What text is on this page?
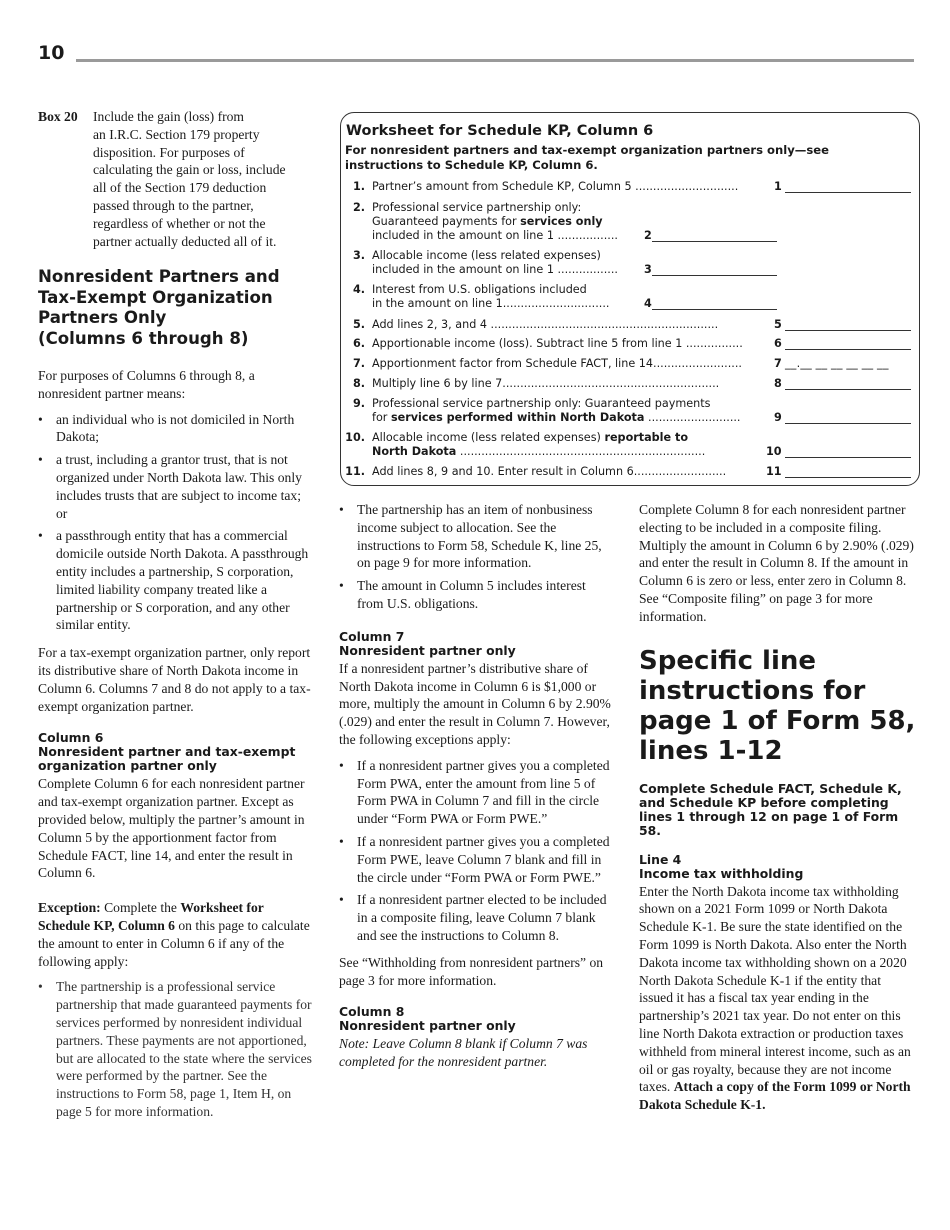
10
Box 20 Include the gain (loss) from
an I.R.C. Section 179 property
disposition. For purposes of
calculating the gain or loss, include
all of the Section 179 deduction
passed through to the partner,
regardless of whether or not the
partner actually deducted all of it.
Nonresident Partners and
Tax-Exempt Organization
Partners Only
(Columns 6 through 8)

For purposes of Columns 6 through 8, a nonresident partner means:

• an individual who is not domiciled in North Dakota;
• a trust, including a grantor trust, that is not organized under North Dakota law. This only includes trusts that are subject to income tax; or
• a passthrough entity that has a commercial domicile outside North Dakota. A passthrough entity includes a partnership, S corporation, limited liability company treated like a partnership or S corporation, and any other similar entity.

For a tax-exempt organization partner, only report its distributive share of North Dakota income in Column 6. Columns 7 and 8 do not apply to a tax-exempt organization partner.

Column 6
Nonresident partner and tax-exempt organization partner only

Complete Column 6 for each nonresident partner and tax-exempt organization partner. Except as provided below, multiply the partner’s amount in Column 5 by the apportionment factor from Schedule FACT, line 14, and enter the result in Column 6.

Exception: Complete the Worksheet for Schedule KP, Column 6 on this page to calculate the amount to enter in Column 6 if any of the following apply:

• The partnership is a professional service partnership that made guaranteed payments for services performed by nonresident individual partners. These payments are not apportioned, but are allocated to the state where the services were performed by the partner. See the instructions to Form 58, page 1, Item H, on page 5 for more information.
Worksheet for Schedule KP, Column 6
For nonresident partners and tax-exempt organization partners only—see instructions to Schedule KP, Column 6.
1. Partner’s amount from Schedule KP, Column 5 .............................	1
2. Professional service partnership only:
Guaranteed payments for services only
included in the amount on line 1 ................. 2
3. Allocable income (less related expenses)
included in the amount on line 1 ................. 3
4. Interest from U.S. obligations included
in the amount on line 1..............................	4
5. Add lines 2, 3, and 4 ................................................................	5
6. Apportionable income (loss). Subtract line 5 from line 1 ................	6
7. Apportionment factor from Schedule FACT, line 14.........................	7 __.__ __ __ __ __ __
8. Multiply line 6 by line 7.............................................................	8
9. Professional service partnership only: Guaranteed payments
for services performed within North Dakota ..........................	9
10. Allocable income (less related expenses) reportable to
North Dakota .....................................................................	10
11. Add lines 8, 9 and 10. Enter result in Column 6..........................	11
• The partnership has an item of nonbusiness income subject to allocation. See the instructions to Form 58, Schedule K, line 25, on page 9 for more information.
• The amount in Column 5 includes interest from U.S. obligations.
Column 7
Nonresident partner only

If a nonresident partner’s distributive share of North Dakota income in Column 6 is $1,000 or more, multiply the amount in Column 6 by 2.90% (.029) and enter the result in Column 7. However, the following exceptions apply:

• If a nonresident partner gives you a completed Form PWA, enter the amount from line 5 of Form PWA in Column 7 and fill in the circle under “Form PWA or Form PWE.”
• If a nonresident partner gives you a completed Form PWE, leave Column 7 blank and fill in the circle under “Form PWA or Form PWE.”
• If a nonresident partner elected to be included in a composite filing, leave Column 7 blank and see the instructions to Column 8.

See “Withholding from nonresident partners” on page 3 for more information.

Column 8
Nonresident partner only

Note: Leave Column 8 blank if Column 7 was completed for the nonresident partner.

Complete Column 8 for each nonresident partner electing to be included in a composite filing. Multiply the amount in Column 6 by 2.90% (.029) and enter the result in Column 8. If the amount in Column 6 is zero or less, enter zero in Column 8. See “Composite filing” on page 3 for more information.

Specific line
instructions for
page 1 of Form 58,
lines 1-12
Complete Schedule FACT, Schedule K, and Schedule KP before completing lines 1 through 12 on page 1 of Form 58.
Line 4
Income tax withholding

Enter the North Dakota income tax withholding shown on a 2021 Form 1099 or North Dakota Schedule K-1. Be sure the state identified on the Form 1099 is North Dakota. Also enter the North Dakota income tax withholding shown on a 2020 North Dakota Schedule K-1 if the entity that issued it has a fiscal tax year ending in the partnership’s 2021 tax year. Do not enter on this line North Dakota extraction or production taxes withheld from mineral interest income, such as an oil or gas royalty, because they are not income taxes. Attach a copy of the Form 1099 or North Dakota Schedule K-1.
